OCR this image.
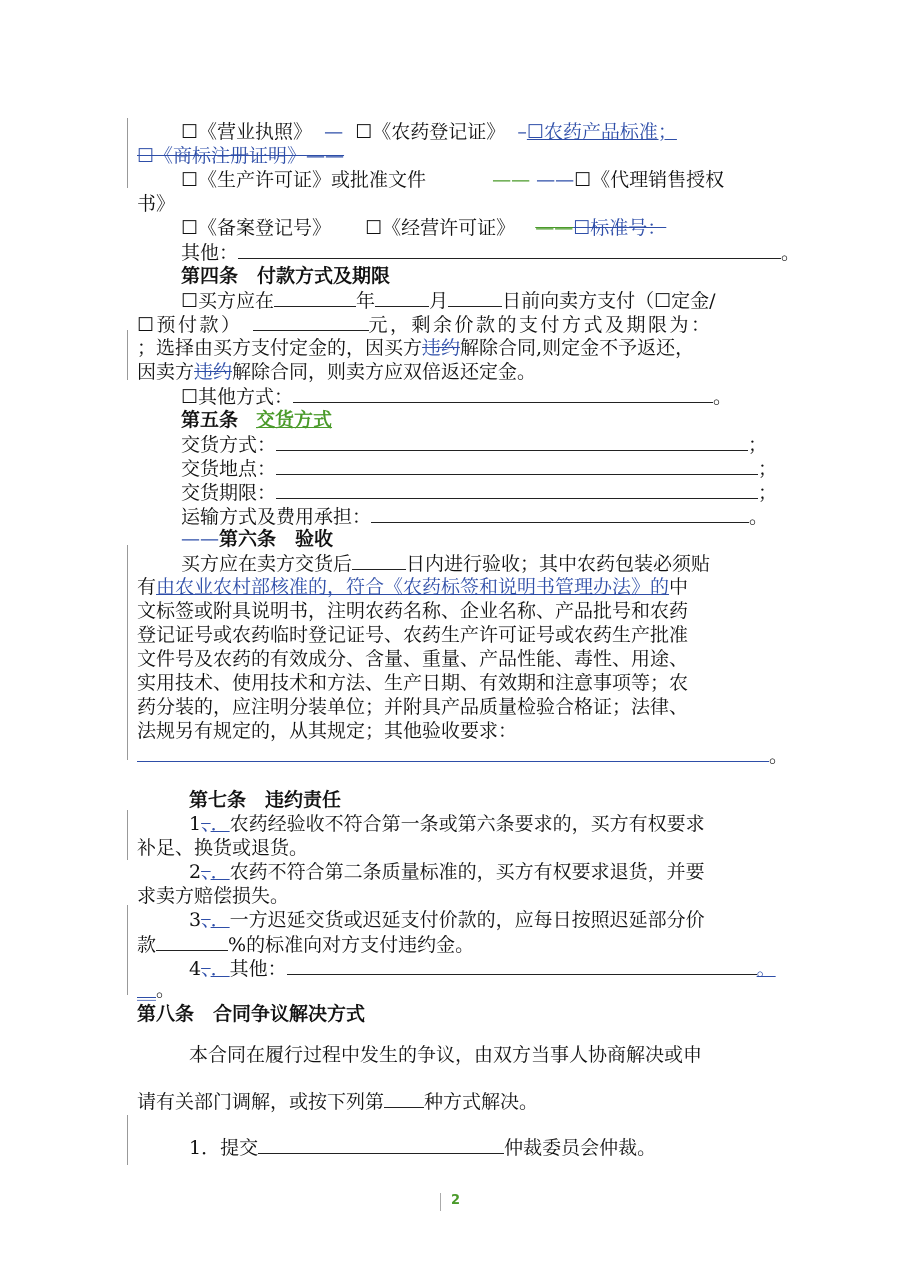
☐《营业执照》  —  ☐《农药登记证》  –☐农药产品标准；
☐《商标注册证明》——
☐《生产许可证》或批准文件	—— ——☐《代理销售授权
书》
☐《备案登记号》 ☐《经营许可证》 ——☐标准号：
其他：	。
第四条　付款方式及期限
☐买方应在	年	月	日前向卖方支付（☐定金/
☐预付款）	元，剩余价款的支付方式及期限为：
；选择由买方支付定金的，因买方违约解除合同,则定金不予返还，
因卖方违约解除合同，则卖方应双倍返还定金。
☐其他方式：	。
第五条 交货方式
交货方式：	；
交货地点：	；
交货期限：	；
运输方式及费用承担：	。
——第六条　验收
买方应在卖方交货后	日内进行验收；其中农药包装必须贴
有由农业农村部核准的，符合《农药标签和说明书管理办法》的中
文标签或附具说明书，注明农药名称、企业名称、产品批号和农药
登记证号或农药临时登记证号、农药生产许可证号或农药生产批准
文件号及农药的有效成分、含量、重量、产品性能、毒性、用途、
实用技术、使用技术和方法、生产日期、有效期和注意事项等；农
药分装的，应注明分装单位；并附具产品质量检验合格证；法律、
法规另有规定的，从其规定；其他验收要求：
。
第七条　违约责任
1、．农药经验收不符合第一条或第六条要求的，买方有权要求
补足、换货或退货。
2、．农药不符合第二条质量标准的，买方有权要求退货，并要
求卖方赔偿损失。
3、．一方迟延交货或迟延支付价款的，应每日按照迟延部分价
款	%的标准向对方支付违约金。
4、．其他：	。
__。
第八条　合同争议解决方式
本合同在履行过程中发生的争议，由双方当事人协商解决或申
请有关部门调解，或按下列第 种方式解决。
1．提交	仲裁委员会仲裁。
2
